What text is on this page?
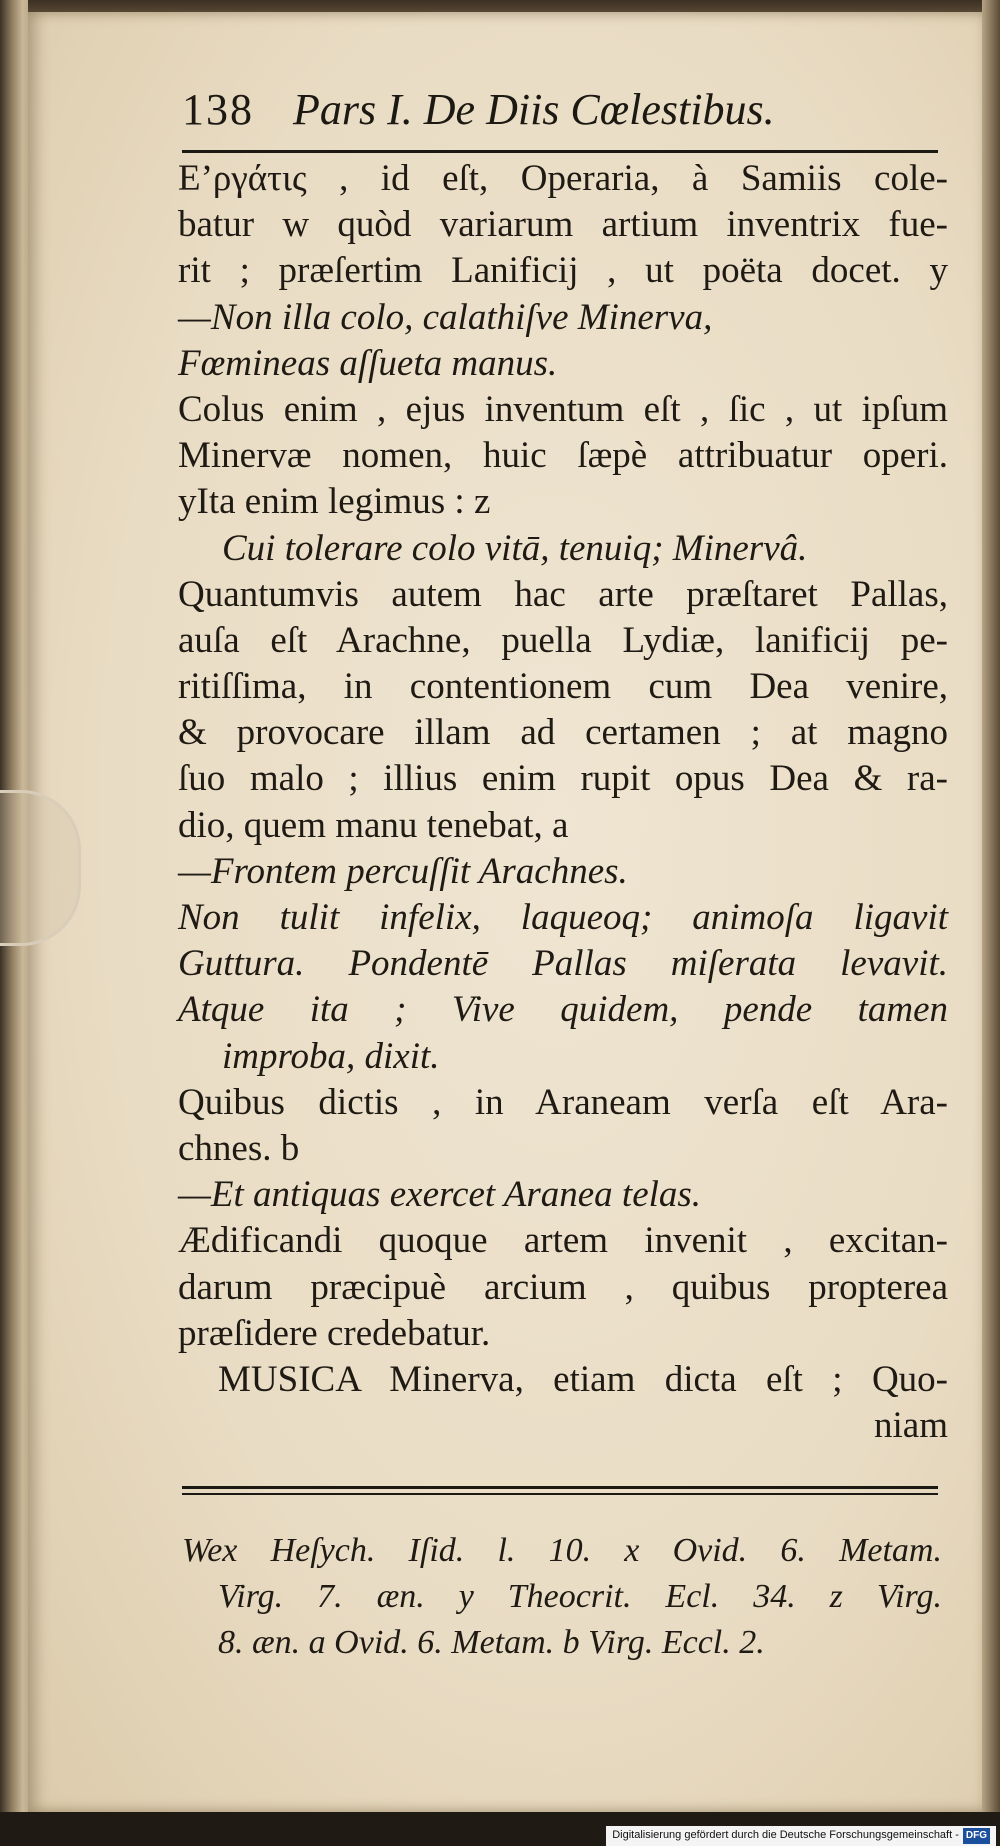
138 Pars I. De Diis Cœlestibus.
Εʼργάτις , id eſt, Operaria, à Samiis cole-
batur w quòd variarum artium inventrix fue-
rit ; præſertim Lanificij , ut poëta docet. y
—Non illa colo, calathiſve Minerva,
Fœmineas aſſueta manus.
Colus enim , ejus inventum eſt , ſic , ut ipſum
Minervæ nomen, huic ſæpè attribuatur operi.
yIta enim legimus : z
Cui tolerare colo vitā, tenuiq; Minervâ.
Quantumvis autem hac arte præſtaret Pallas,
auſa eſt Arachne, puella Lydiæ, lanificij pe-
ritiſſima, in contentionem cum Dea venire,
& provocare illam ad certamen ; at magno
ſuo malo ; illius enim rupit opus Dea & ra-
dio, quem manu tenebat, a
—Frontem percuſſit Arachnes.
Non tulit infelix, laqueoq; animoſa ligavit
Guttura. Pondentē Pallas miſerata levavit.
Atque ita ; Vive quidem, pende tamen
improba, dixit.
Quibus dictis , in Araneam verſa eſt Ara-
chnes. b
—Et antiquas exercet Aranea telas.
Ædificandi quoque artem invenit , excitan-
darum præcipuè arcium , quibus propterea
præſidere credebatur.
MUSICA Minerva, etiam dicta eſt ; Quo-
niam
Wex Heſych. Iſid. l. 10. x Ovid. 6. Metam.
Virg. 7. æn. y Theocrit. Ecl. 34. z Virg.
8. æn. a Ovid. 6. Metam. b Virg. Eccl. 2.
Digitalisierung gefördert durch die Deutsche Forschungsgemeinschaft - DFG
